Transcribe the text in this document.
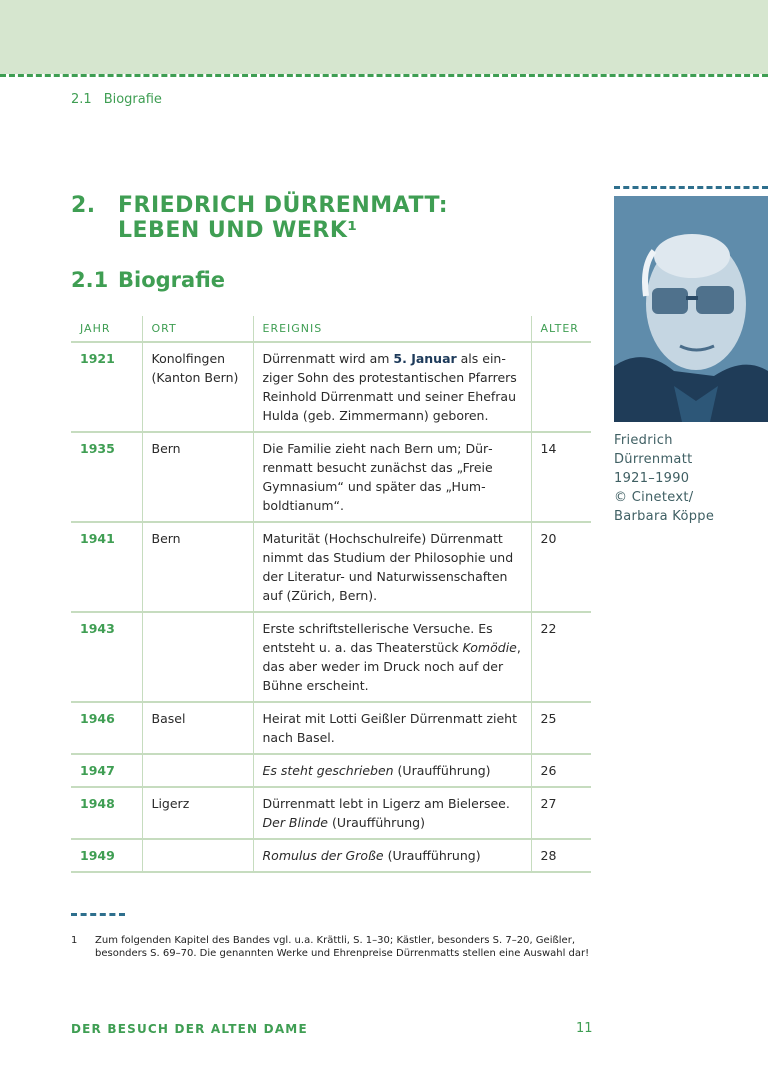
2.1 Biografie
2. FRIEDRICH DÜRRENMATT:
LEBEN UND WERK¹
2.1 Biografie
JAHR	ORT	EREIGNIS	ALTER
1921	Konolfingen (Kanton Bern)	Dürrenmatt wird am 5. Januar als einziger Sohn des protestantischen Pfarrers Reinhold Dürrenmatt und seiner Ehefrau Hulda (geb. Zimmermann) geboren.	
1935	Bern	Die Familie zieht nach Bern um; Dürrenmatt besucht zunächst das „Freie Gymnasium“ und später das „Humboldtianum“.	14
1941	Bern	Maturität (Hochschulreife) Dürrenmatt nimmt das Studium der Philosophie und der Literatur- und Naturwissenschaften auf (Zürich, Bern).	20
1943		Erste schriftstellerische Versuche. Es entsteht u. a. das Theaterstück Komödie, das aber weder im Druck noch auf der Bühne erscheint.	22
1946	Basel	Heirat mit Lotti Geißler Dürrenmatt zieht nach Basel.	25
1947		Es steht geschrieben (Uraufführung)	26
1948	Ligerz	Dürrenmatt lebt in Ligerz am Bielersee. Der Blinde (Uraufführung)	27
1949		Romulus der Große (Uraufführung)	28
Friedrich
Dürrenmatt
1921–1990
© Cinetext/
Barbara Köppe
1 Zum folgenden Kapitel des Bandes vgl. u.a. Krättli, S. 1–30; Kästler, besonders S. 7–20, Geißler, besonders S. 69–70. Die genannten Werke und Ehrenpreise Dürrenmatts stellen eine Auswahl dar!
DER BESUCH DER ALTEN DAME	11
